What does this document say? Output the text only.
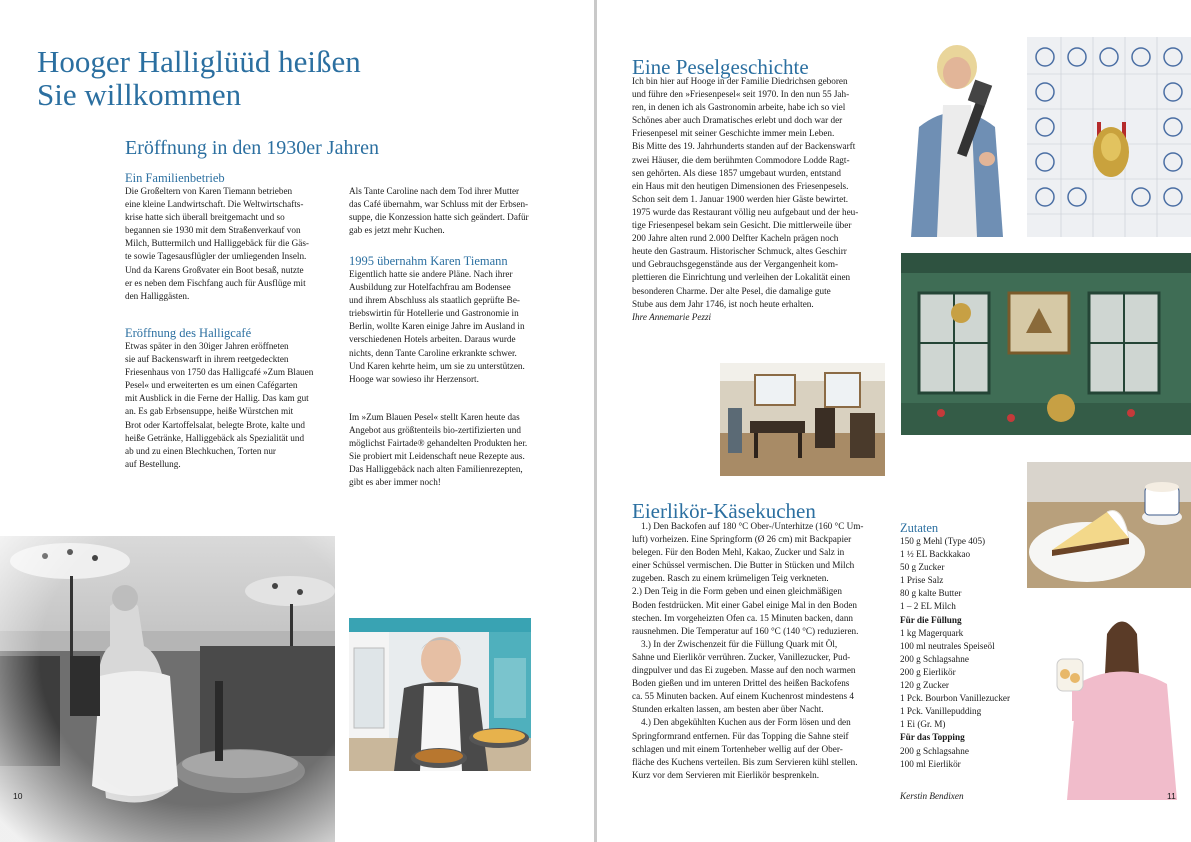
Hooger Halliglüüd heißen
Sie willkommen
Eröffnung in den 1930er Jahren
Ein Familienbetrieb
Die Großeltern von Karen Tiemann betrieben
eine kleine Landwirtschaft. Die Weltwirtschafts-
krise hatte sich überall breitgemacht und so
begannen sie 1930 mit dem Straßenverkauf von
Milch, Buttermilch und Halliggebäck für die Gäs-
te sowie Tagesausflügler der umliegenden Inseln.
Und da Karens Großvater ein Boot besaß, nutzte
er es neben dem Fischfang auch für Ausflüge mit
den Halliggästen.
Eröffnung des Halligcafé
Etwas später in den 30iger Jahren eröffneten
sie auf Backenswarft in ihrem reetgedeckten
Friesenhaus von 1750 das Halligcafé »Zum Blauen
Pesel« und erweiterten es um einen Cafégarten
mit Ausblick in die Ferne der Hallig. Das kam gut
an. Es gab Erbsensuppe, heiße Würstchen mit
Brot oder Kartoffelsalat, belegte Brote, kalte und
heiße Getränke, Halliggebäck als Spezialität und
ab und zu einen Blechkuchen, Torten nur
auf Bestellung.
Als Tante Caroline nach dem Tod ihrer Mutter
das Café übernahm, war Schluss mit der Erbsen-
suppe, die Konzession hatte sich geändert. Dafür
gab es jetzt mehr Kuchen.
1995 übernahm Karen Tiemann
Eigentlich hatte sie andere Pläne. Nach ihrer
Ausbildung zur Hotelfachfrau am Bodensee
und ihrem Abschluss als staatlich geprüfte Be-
triebswirtin für Hotellerie und Gastronomie in
Berlin, wollte Karen einige Jahre im Ausland in
verschiedenen Hotels arbeiten. Daraus wurde
nichts, denn Tante Caroline erkrankte schwer.
Und Karen kehrte heim, um sie zu unterstützen.
Hooge war sowieso ihr Herzensort.
Im »Zum Blauen Pesel« stellt Karen heute das
Angebot aus größtenteils bio-zertifizierten und
möglichst Fairtade® gehandelten Produkten her.
Sie probiert mit Leidenschaft neue Rezepte aus.
Das Halliggebäck nach alten Familienrezepten,
gibt es aber immer noch!
10
Eine Peselgeschichte
Ich bin hier auf Hooge in der Familie Diedrichsen geboren
und führe den »Friesenpesel« seit 1970. In den nun 55 Jah-
ren, in denen ich als Gastronomin arbeite, habe ich so viel
Schönes aber auch Dramatisches erlebt und doch war der
Friesenpesel mit seiner Geschichte immer mein Leben.
Bis Mitte des 19. Jahrhunderts standen auf der Backenswarft
zwei Häuser, die dem berühmten Commodore Lodde Ragt-
sen gehörten. Als diese 1857 umgebaut wurden, entstand
ein Haus mit den heutigen Dimensionen des Friesenpesels.
Schon seit dem 1. Januar 1900 werden hier Gäste bewirtet.
1975 wurde das Restaurant völlig neu aufgebaut und der heu-
tige Friesenpesel bekam sein Gesicht. Die mittlerweile über
200 Jahre alten rund 2.000 Delfter Kacheln prägen noch
heute den Gastraum. Historischer Schmuck, altes Geschirr
und Gebrauchsgegenstände aus der Vergangenheit kom-
plettieren die Einrichtung und verleihen der Lokalität einen
besonderen Charme. Der alte Pesel, die damalige gute
Stube aus dem Jahr 1746, ist noch heute erhalten.
Ihre Annemarie Pezzi
Eierlikör-Käsekuchen
1.) Den Backofen auf 180 °C Ober-/Unterhitze (160 °C Um-
luft) vorheizen. Eine Springform (Ø 26 cm) mit Backpapier
belegen. Für den Boden Mehl, Kakao, Zucker und Salz in
einer Schüssel vermischen. Die Butter in Stücken und Milch
zugeben. Rasch zu einem krümeligen Teig verkneten.
2.) Den Teig in die Form geben und einen gleichmäßigen
Boden festdrücken. Mit einer Gabel einige Mal in den Boden
stechen. Im vorgeheizten Ofen ca. 15 Minuten backen, dann
rausnehmen. Die Temperatur auf 160 °C (140 °C) reduzieren.
3.) In der Zwischenzeit für die Füllung Quark mit Öl,
Sahne und Eierlikör verrühren. Zucker, Vanillezucker, Pud-
dingpulver und das Ei zugeben. Masse auf den noch warmen
Boden gießen und im unteren Drittel des heißen Backofens
ca. 55 Minuten backen. Auf einem Kuchenrost mindestens 4
Stunden erkalten lassen, am besten aber über Nacht.
4.) Den abgekühlten Kuchen aus der Form lösen und den
Springformrand entfernen. Für das Topping die Sahne steif
schlagen und mit einem Tortenheber wellig auf der Ober-
fläche des Kuchens verteilen. Bis zum Servieren kühl stellen.
Kurz vor dem Servieren mit Eierlikör besprenkeln.
Zutaten
150 g Mehl (Type 405)
1 ½ EL Backkakao
50 g Zucker
1 Prise Salz
80 g kalte Butter
1 – 2 EL Milch
Für die Füllung
1 kg Magerquark
100 ml neutrales Speiseöl
200 g Schlagsahne
200 g Eierlikör
120 g Zucker
1 Pck. Bourbon Vanillezucker
1 Pck. Vanillepudding
1 Ei (Gr. M)
Für das Topping
200 g Schlagsahne
100 ml Eierlikör
Kerstin Bendixen	11
